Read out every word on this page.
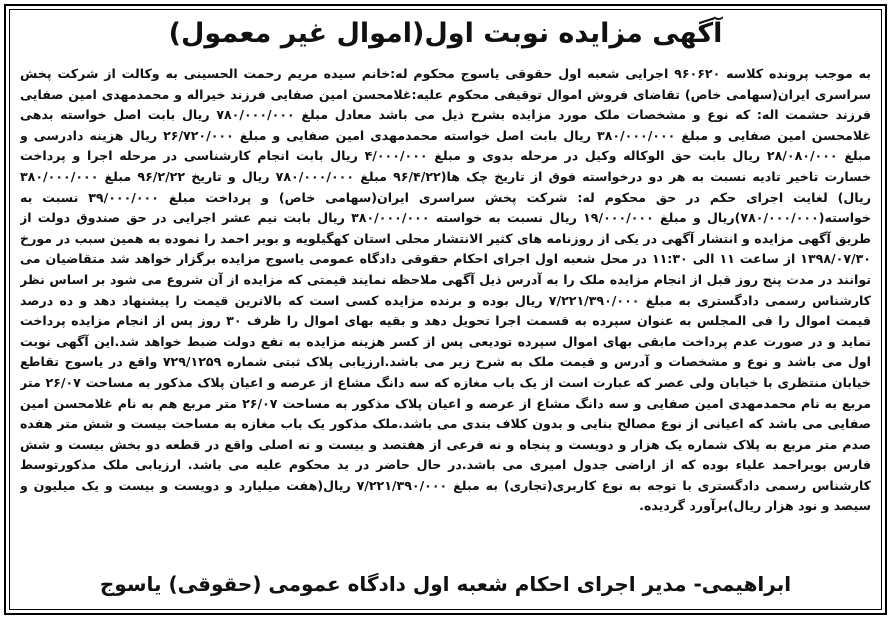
آگهی مزایده نوبت اول(اموال غیر معمول)
به موجب پرونده کلاسه ۹۶۰۶۲۰ اجرایی شعبه اول حقوقی یاسوج محکوم له:خانم سیده مریم رحمت الحسینی به وکالت از شرکت پخش سراسری ایران(سهامی خاص) تقاضای فروش اموال توقیفی محکوم علیه:غلامحسن امین صفایی فرزند خیراله و محمدمهدی امین صفایی فرزند حشمت اله: که نوع و مشخصات ملک مورد مزایده بشرح ذیل می باشد معادل مبلغ ۷۸۰/۰۰۰/۰۰۰ ریال بابت اصل خواسته بدهی غلامحسن امین صفایی و مبلغ ۳۸۰/۰۰۰/۰۰۰ ریال بابت اصل خواسته محمدمهدی امین صفایی و مبلغ ۲۶/۷۲۰/۰۰۰ ریال هزینه دادرسی و مبلغ ۲۸/۰۸۰/۰۰۰ ریال بابت حق الوکاله وکیل در مرحله بدوی و مبلغ ۴/۰۰۰/۰۰۰ ریال بابت انجام کارشناسی در مرحله اجرا و پرداخت خسارت تاخیر تادیه نسبت به هر دو درخواسته فوق از تاریخ چک ها(۹۶/۴/۲۲ مبلغ ۷۸۰/۰۰۰/۰۰۰ ریال و تاریخ ۹۶/۲/۲۲ مبلغ ۳۸۰/۰۰۰/۰۰۰ ریال) لغایت اجرای حکم در حق محکوم له: شرکت پخش سراسری ایران(سهامی خاص) و پرداخت مبلغ ۳۹/۰۰۰/۰۰۰ نسبت به خواسته(۷۸۰/۰۰۰/۰۰۰)ریال و مبلغ ۱۹/۰۰۰/۰۰۰ ریال نسبت به خواسته ۳۸۰/۰۰۰/۰۰۰ ریال بابت نیم عشر اجرایی در حق صندوق دولت از طریق آگهی مزایده و انتشار آگهی در یکی از روزنامه های کثیر الانتشار محلی استان کهگیلویه و بویر احمد را نموده به همین سبب در مورخ ۱۳۹۸/۰۷/۳۰ از ساعت ۱۱ الی ۱۱:۳۰ در محل شعبه اول اجرای احکام حقوقی دادگاه عمومی یاسوج مزایده برگزار خواهد شد متقاضیان می توانند در مدت پنج روز قبل از انجام مزایده ملک را به آدرس ذیل آگهی ملاحظه نمایند قیمتی که مزایده از آن شروع می شود بر اساس نظر کارشناس رسمی دادگستری به مبلغ ۷/۲۲۱/۳۹۰/۰۰۰ ریال بوده و برنده مزایده کسی است که بالاترین قیمت را پیشنهاد دهد و ده درصد قیمت اموال را فی المجلس به عنوان سپرده به قسمت اجرا تحویل دهد و بقیه بهای اموال را ظرف ۳۰ روز پس از انجام مزایده پرداخت نماید و در صورت عدم پرداخت مابقی بهای اموال سپرده تودیعی پس از کسر هزینه مزایده به نفع دولت ضبط خواهد شد.این آگهی نوبت اول می باشد و نوع و مشخصات و آدرس و قیمت ملک به شرح زیر می باشد.ارزیابی پلاک ثبتی شماره ۷۲۹/۱۲۵۹ واقع در یاسوج تقاطع خیابان منتظری با خیابان ولی عصر که عبارت است از یک باب مغازه که سه دانگ مشاع از عرصه و اعیان پلاک مذکور به مساحت ۲۶/۰۷ متر مربع به نام محمدمهدی امین صفایی و سه دانگ مشاع از عرصه و اعیان پلاک مذکور به مساحت ۲۶/۰۷ متر مربع هم به نام غلامحسن امین صفایی می باشد که اعیانی از نوع مصالح بنایی و بدون کلاف بندی می باشد.ملک مذکور یک باب مغازه به مساحت بیست و شش متر هفده صدم متر مربع به پلاک شماره یک هزار و دویست و پنجاه و نه فرعی از هفتصد و بیست و نه اصلی واقع در قطعه دو بخش بیست و شش فارس بویراحمد علیاء بوده که از اراضی جدول امیری می باشد.در حال حاضر در ید محکوم علیه می باشد. ارزیابی ملک مذکورتوسط کارشناس رسمی دادگستری با توجه به نوع کاربری(تجاری) به مبلغ ۷/۲۲۱/۳۹۰/۰۰۰ ریال(هفت میلیارد و دویست و بیست و یک میلیون و سیصد و نود هزار ریال)برآورد گردیده.
ابراهیمی- مدیر اجرای احکام شعبه اول دادگاه عمومی (حقوقی) یاسوج
